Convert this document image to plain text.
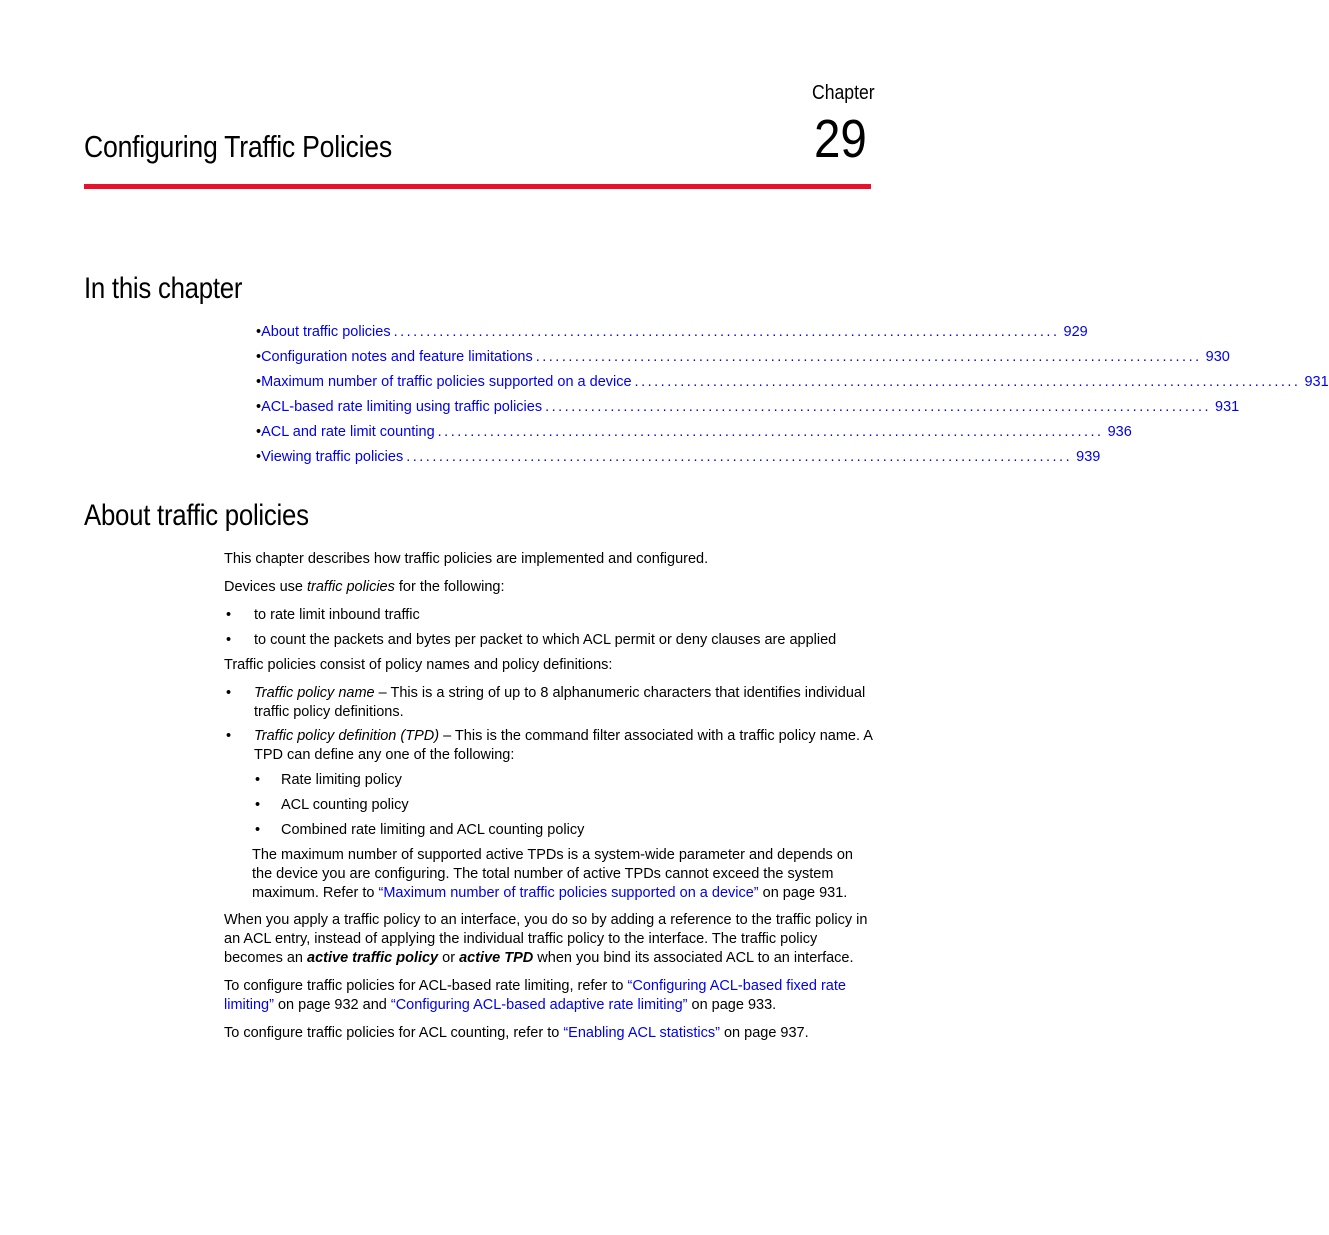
Chapter
29
Configuring Traffic Policies
In this chapter
• About traffic policies ...................................................................................................... 929
• Configuration notes and feature limitations ...................................................................................................... 930
• Maximum number of traffic policies supported on a device ...................................................................................................... 931
• ACL-based rate limiting using traffic policies ...................................................................................................... 931
• ACL and rate limit counting ...................................................................................................... 936
• Viewing traffic policies ...................................................................................................... 939
About traffic policies

This chapter describes how traffic policies are implemented and configured.

Devices use traffic policies for the following:

• to rate limit inbound traffic
• to count the packets and bytes per packet to which ACL permit or deny clauses are applied

Traffic policies consist of policy names and policy definitions:

• Traffic policy name – This is a string of up to 8 alphanumeric characters that identifies individual traffic policy definitions.
• Traffic policy definition (TPD) – This is the command filter associated with a traffic policy name. A TPD can define any one of the following:
• Rate limiting policy
• ACL counting policy
• Combined rate limiting and ACL counting policy

The maximum number of supported active TPDs is a system-wide parameter and depends on the device you are configuring. The total number of active TPDs cannot exceed the system maximum. Refer to “Maximum number of traffic policies supported on a device” on page 931.

When you apply a traffic policy to an interface, you do so by adding a reference to the traffic policy in an ACL entry, instead of applying the individual traffic policy to the interface. The traffic policy becomes an active traffic policy or active TPD when you bind its associated ACL to an interface.

To configure traffic policies for ACL-based rate limiting, refer to “Configuring ACL-based fixed rate limiting” on page 932 and “Configuring ACL-based adaptive rate limiting” on page 933.

To configure traffic policies for ACL counting, refer to “Enabling ACL statistics” on page 937.
